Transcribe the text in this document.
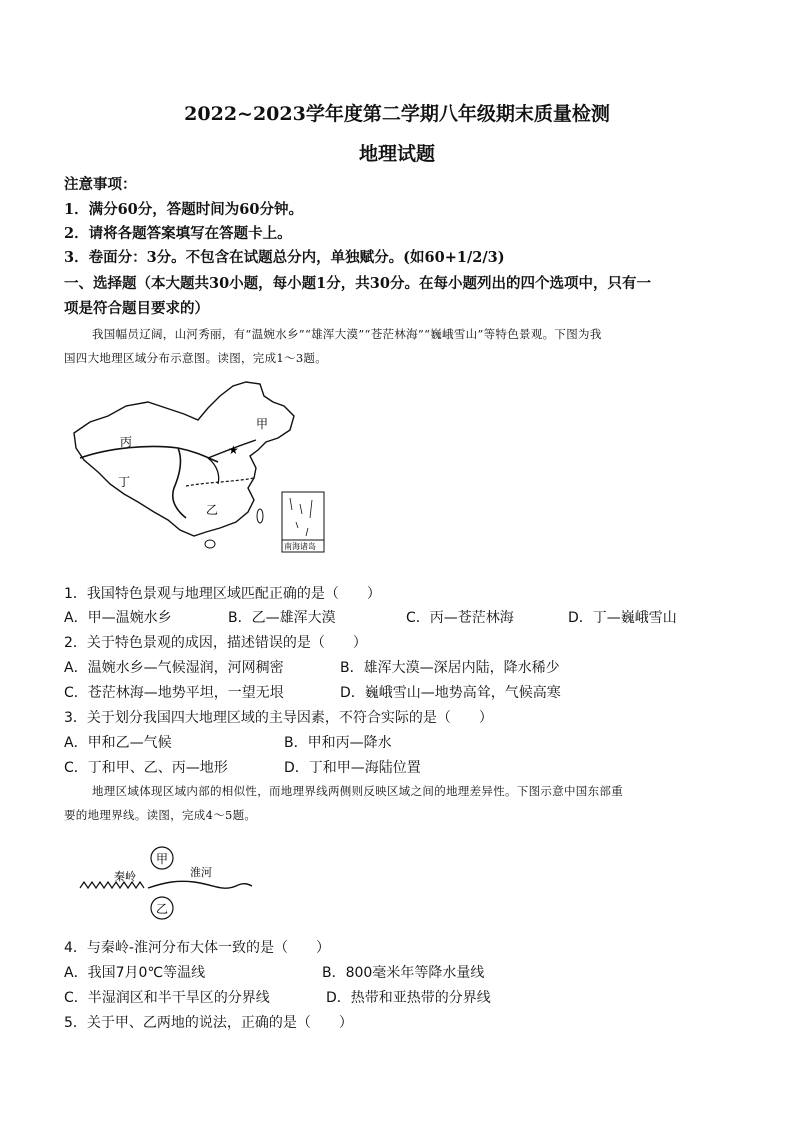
2022~2023学年度第二学期八年级期末质量检测
地理试题
注意事项：
1．满分60分，答题时间为60分钟。
2．请将各题答案填写在答题卡上。
3．卷面分：3分。不包含在试题总分内，单独赋分。(如60+1/2/3)
一、选择题（本大题共30小题，每小题1分，共30分。在每小题列出的四个选项中，只有一
项是符合题目要求的）
我国幅员辽阔，山河秀丽，有“温婉水乡”“雄浑大漠”“苍茫林海”“巍峨雪山”等特色景观。下图为我
国四大地理区域分布示意图。读图，完成1～3题。
★
丙
甲
丁
乙
南海诸岛
1．我国特色景观与地理区域匹配正确的是（　　）
A．甲—温婉水乡	B．乙—雄浑大漠	C．丙—苍茫林海	D．丁—巍峨雪山
2．关于特色景观的成因，描述错误的是（　　）
A．温婉水乡—气候湿润，河网稠密	B．雄浑大漠—深居内陆，降水稀少
C．苍茫林海—地势平坦，一望无垠	D．巍峨雪山—地势高耸，气候高寒
3．关于划分我国四大地理区域的主导因素，不符合实际的是（　　）
A．甲和乙—气候	B．甲和丙—降水
C．丁和甲、乙、丙—地形	D．丁和甲—海陆位置
地理区域体现区域内部的相似性，而地理界线两侧则反映区域之间的地理差异性。下图示意中国东部重
要的地理界线。读图，完成4～5题。
甲
秦岭	淮河
乙
4．与秦岭-淮河分布大体一致的是（　　）
A．我国7月0℃等温线	B．800毫米年等降水量线
C．半湿润区和半干旱区的分界线	D．热带和亚热带的分界线
5．关于甲、乙两地的说法，正确的是（　　）
